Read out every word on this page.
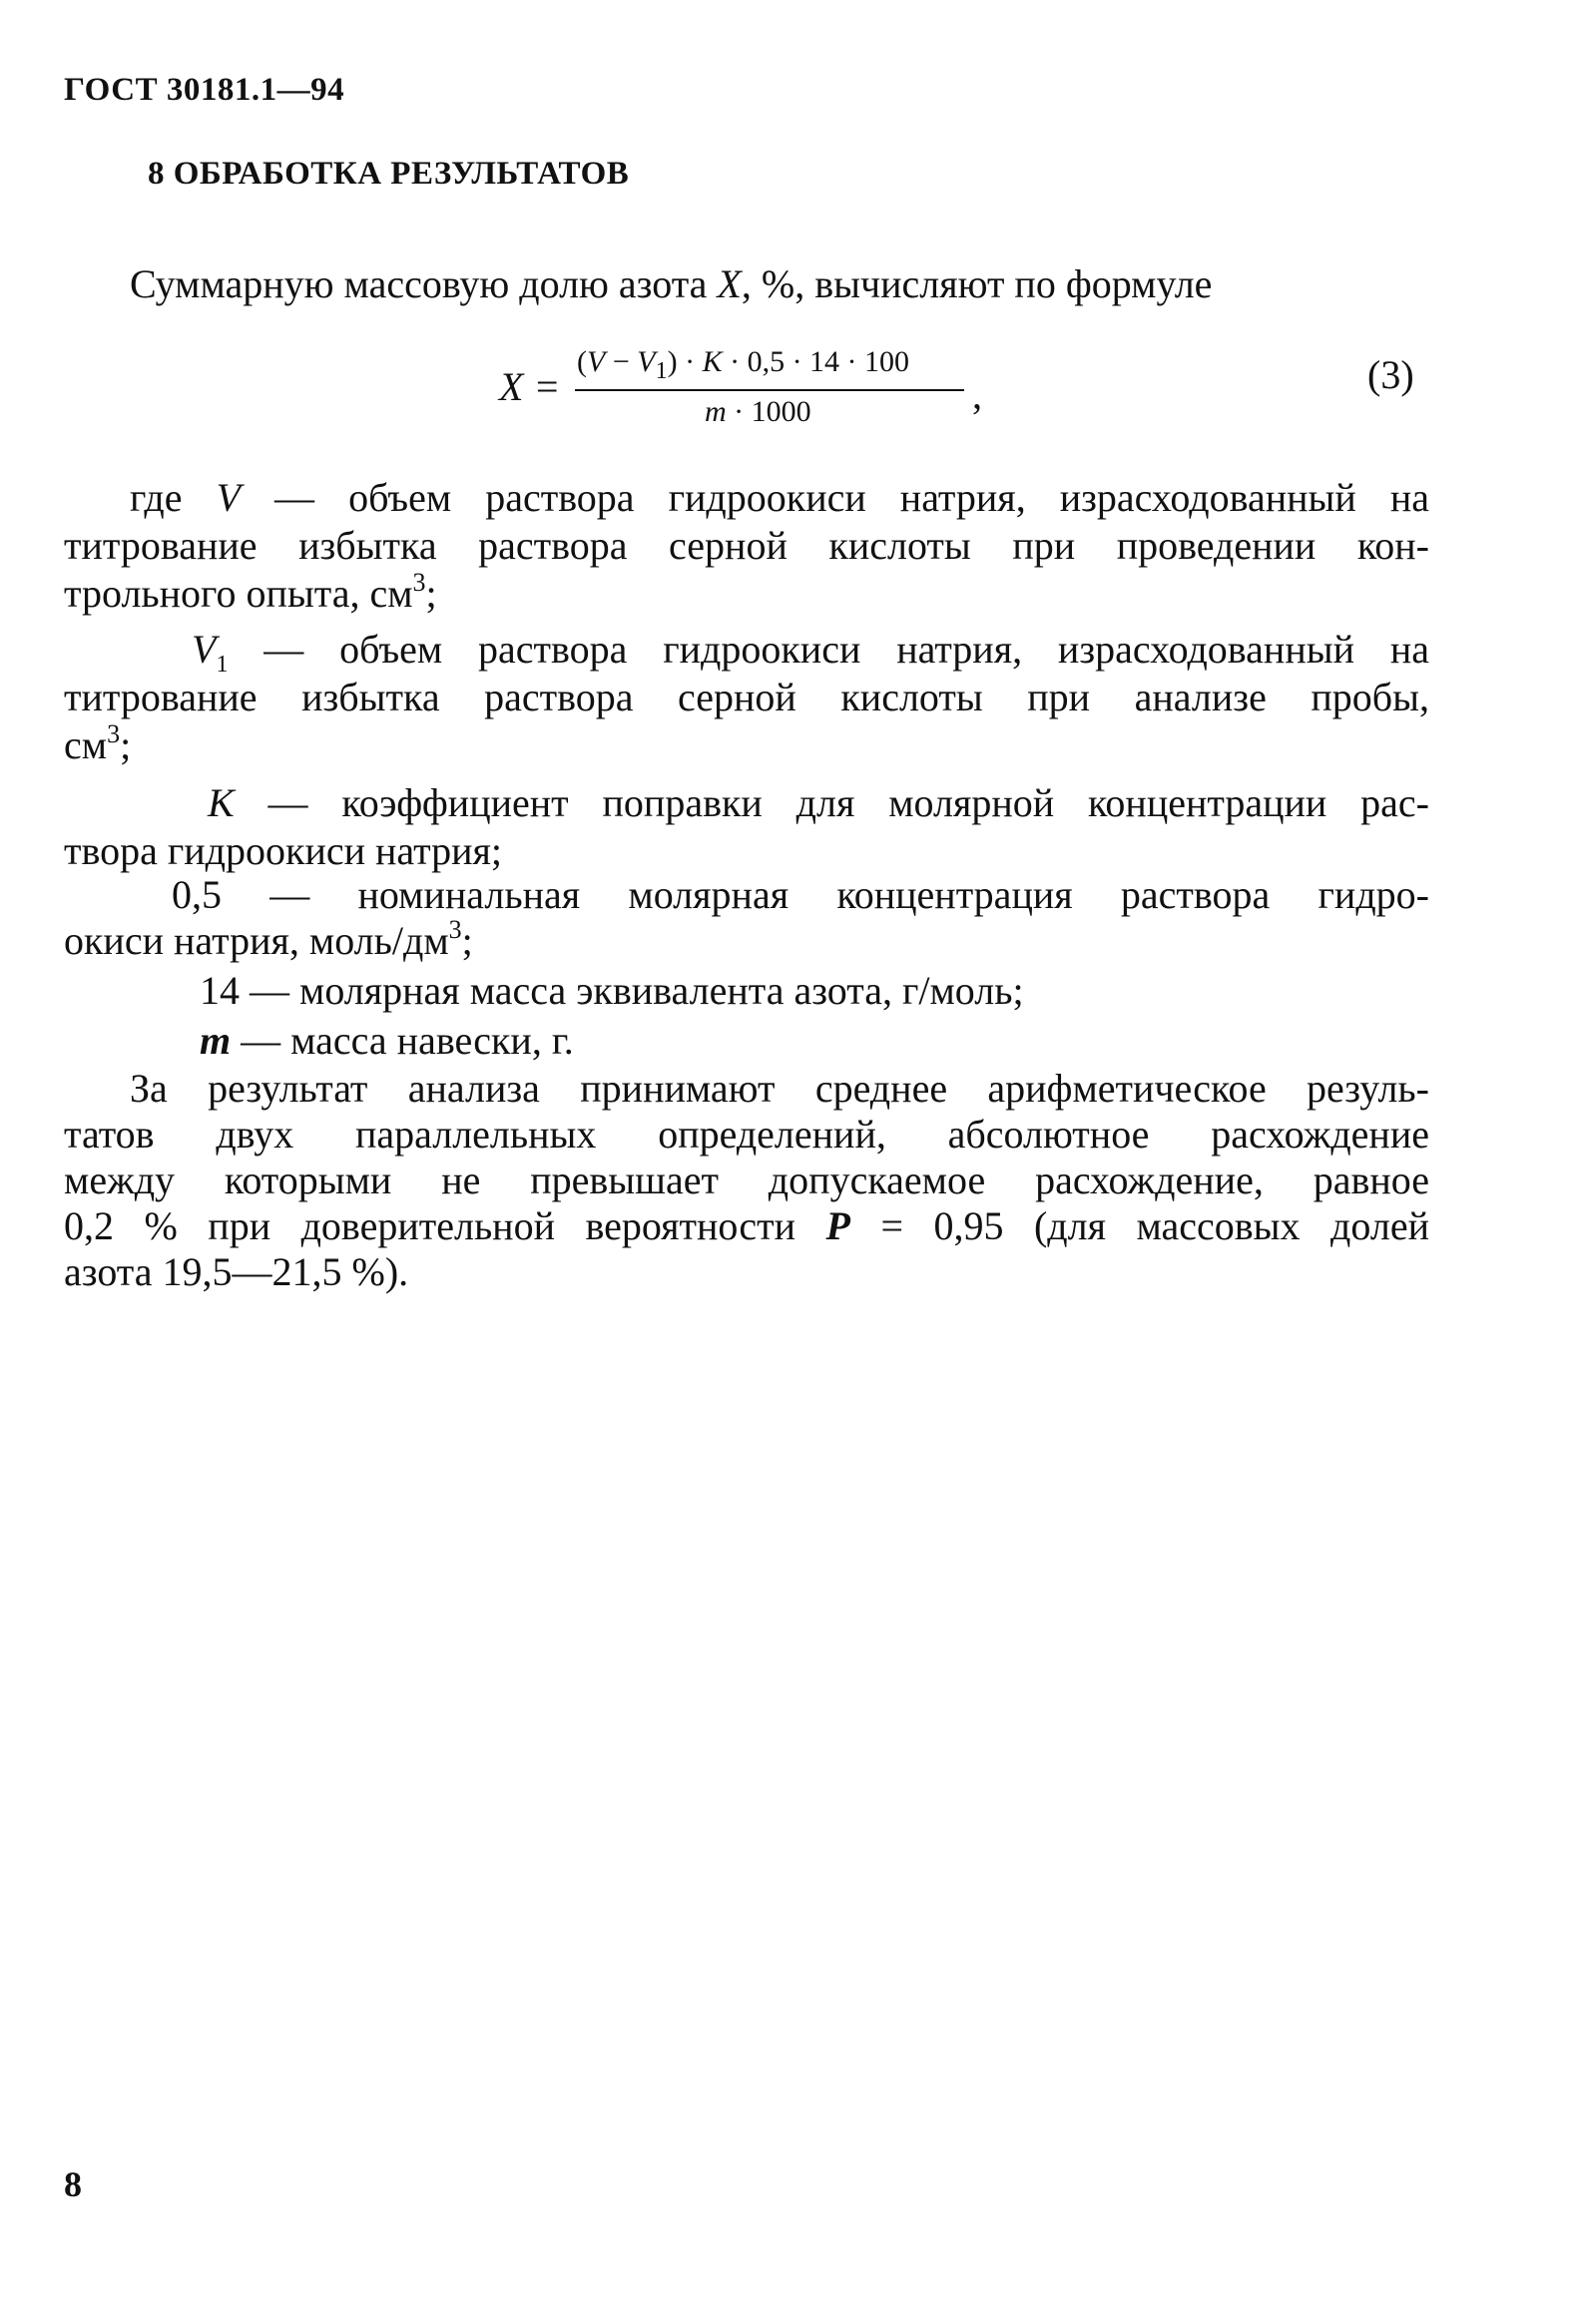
ГОСТ 30181.1—94
8 ОБРАБОТКА РЕЗУЛЬТАТОВ
Суммарную массовую долю азота X, %, вычисляют по формуле
X =
$(V - V_1) \cdot K \cdot 0,5 \cdot 14 \cdot 100$
m · 1000	,	(3)
где V — объем раствора гидроокиси натрия, израсходованный на
титрование избытка раствора серной кислоты при проведении кон-
трольного опыта, $см^3$;
$V_1$ — объем раствора гидроокиси натрия, израсходованный на
титрование избытка раствора серной кислоты при анализе пробы,
$см^3$;
K — коэффициент поправки для молярной концентрации рас-
твора гидроокиси натрия;
0,5 — номинальная молярная концентрация раствора гидро-
окиси натрия, моль/$дм^3$;
14 — молярная масса эквивалента азота, г/моль;
m — масса навески, г.
За результат анализа принимают среднее арифметическое резуль-
татов двух параллельных определений, абсолютное расхождение
между которыми не превышает допускаемое расхождение, равное
0,2 % при доверительной вероятности P = 0,95 (для массовых долей
азота 19,5—21,5 %).
8
